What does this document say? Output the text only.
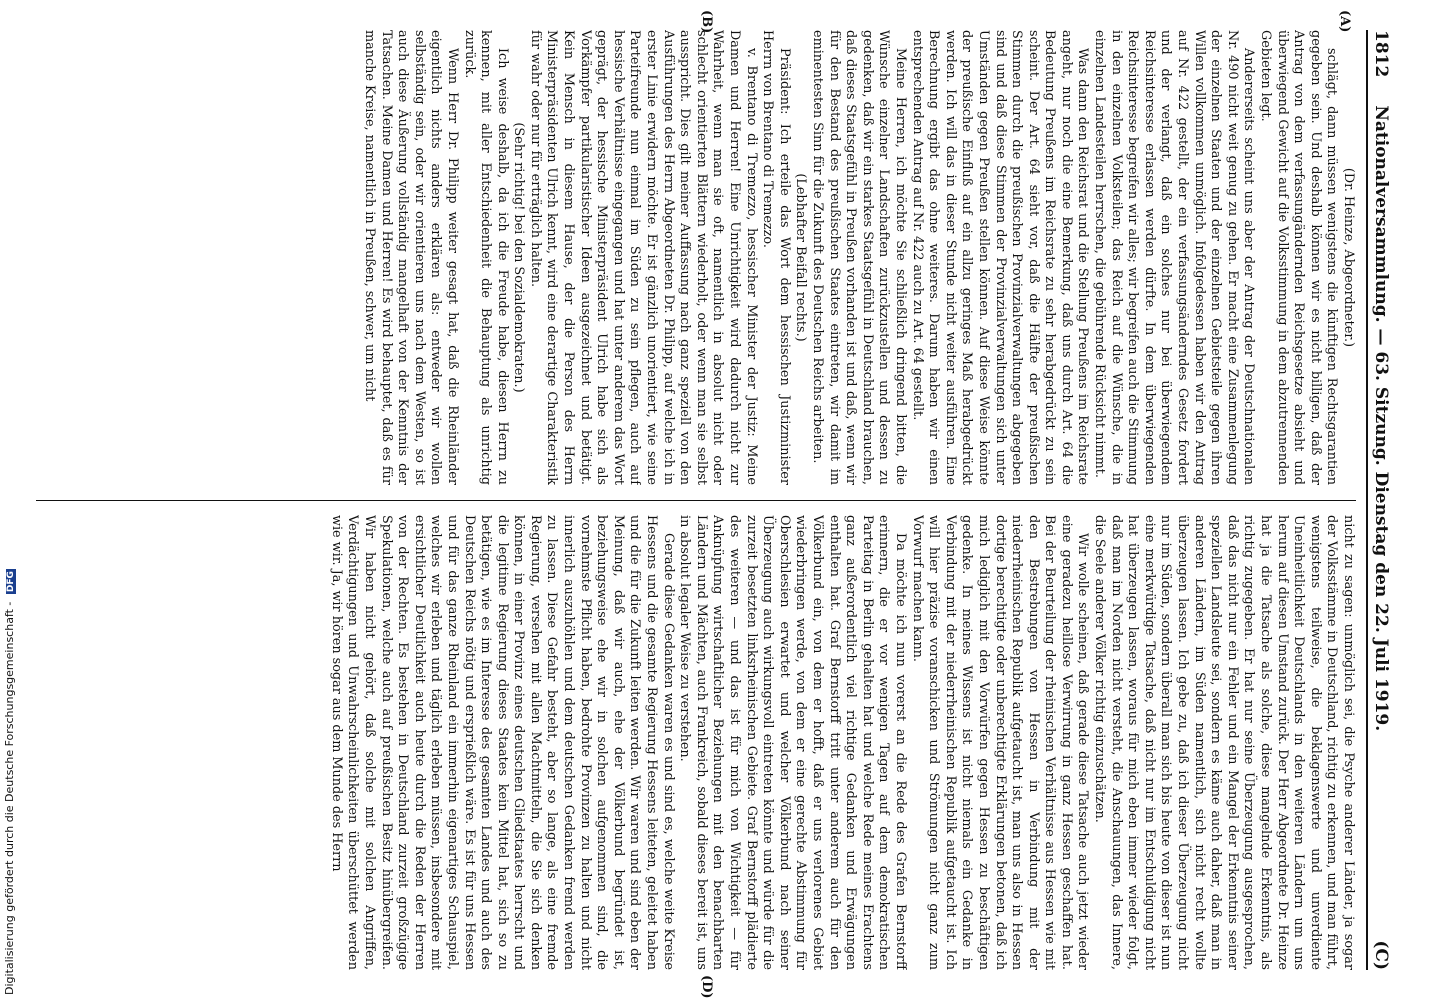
1812
Nationalversammlung. — 63. Sitzung. Dienstag den 22. Juli 1919.
(C)
(A)
(B)
(D)

(Dr. Heinze, Abgeordneter.)

schlägt, dann müssen wenigstens die künftigen Rechtsgarantien gegeben sein. Und deshalb können wir es nicht billigen, daß der Antrag von dem verfassungändernden Reichsgesetze absieht und überwiegend Gewicht auf die Volksstimmung in dem abzutrennenden Gebieten legt.

Andererseits scheint uns aber der Antrag der Deutschnationalen Nr. 490 nicht weit genug zu gehen. Er macht eine Zusammenlegung der einzelnen Staaten und der einzelnen Gebietsteile gegen ihren Willen vollkommen unmöglich. Infolgedessen haben wir den Antrag auf Nr. 422 gestellt, der ein verfassungsänderndes Gesetz fordert und der verlangt, daß ein solches nur bei überwiegendem Reichsinteresse erlassen werden dürfte. In dem überwiegenden Reichsinteresse begreifen wir alles; wir begreifen auch die Stimmung in den einzelnen Volksteilen; das Reich auf die Wünsche, die in einzelnen Landesteilen herrschen, die gebührende Rücksicht nimmt.

Was dann den Reichsrat und die Stellung Preußens im Reichsrate angeht, nur noch die eine Bemerkung, daß uns durch Art. 64 die Bedeutung Preußens im Reichsrate zu sehr herabgedrückt zu sein scheint. Der Art. 64 sieht vor, daß die Hälfte der preußischen Stimmen durch die preußischen Provinzialverwaltungen abgegeben sind und daß diese Stimmen der Provinzialverwaltungen sich unter Umständen gegen Preußen stellen können. Auf diese Weise könnte der preußische Einfluß auf ein allzu geringes Maß herabgedrückt werden. Ich will das in dieser Stunde nicht weiter ausführen. Eine Berechnung ergibt das ohne weiteres. Darum haben wir einen entsprechenden Antrag auf Nr. 422 auch zu Art. 64 gestellt.

Meine Herren, ich möchte Sie schließlich dringend bitten, die Wünsche einzelner Landschaften zurückzustellen und dessen zu gedenken, daß wir ein starkes Staatsgefühl in Deutschland brauchen, daß dieses Staatsgefühl in Preußen vorhanden ist und daß, wenn wir für den Bestand des preußischen Staates eintreten, wir damit im eminentesten Sinn für die Zukunft des Deutschen Reichs arbeiten.

(Lebhafter Beifall rechts.)

Präsident: Ich erteile das Wort dem hessischen Justizminister Herrn von Brentano di Tremezzo.

v. Brentano di Tremezzo, hessischer Minister der Justiz: Meine Damen und Herren! Eine Unrichtigkeit wird dadurch nicht zur Wahrheit, wenn man sie oft, namentlich in absolut nicht oder schlecht orientierten Blättern wiederholt, oder wenn man sie selbst ausspricht. Dies gilt meiner Auffassung nach ganz speziell von den Ausführungen des Herrn Abgeordneten Dr. Philipp, auf welche ich in erster Linie erwidern möchte. Er ist gänzlich unorientiert, wie seine Parteifreunde nun einmal im Süden zu sein pflegen, auch auf hessische Verhältnisse eingegangen und hat unter anderem das Wort geprägt, der hessische Ministerpräsident Ulrich habe sich als Vorkämpfer partikularistischer Ideen ausgezeichnet und betätigt. Kein Mensch in diesem Hause, der die Person des Herrn Ministerpräsidenten Ulrich kennt, wird eine derartige Charakteristik für wahr oder nur für erträglich halten.

(Sehr richtig! bei den Sozialdemokraten.)

Ich weise deshalb, da ich die Freude habe, diesen Herrn zu kennen, mit aller Entschiedenheit die Behauptung als unrichtig zurück.

Wenn Herr Dr. Philipp weiter gesagt hat, daß die Rheinländer eigentlich nichts anders erklären als: entweder wir wollen selbständig sein, oder wir orientieren uns nach dem Westen, so ist auch diese Äußerung vollständig mangelhaft von der Kenntnis der Tatsachen. Meine Damen und Herren! Es wird behauptet, daß es für manche Kreise, namentlich in Preußen, schwer, um nicht

nicht zu sagen: unmöglich sei, die Psyche anderer Länder, ja sogar der Volksstämme in Deutschland, richtig zu erkennen, und man führt, wenigstens teilweise, die beklagenswerte und unverdiente Uneinheitlichkeit Deutschlands in den weiteren Ländern um uns herum auf diesen Umstand zurück. Der Herr Abgeordnete Dr. Heinze hat ja die Tatsache als solche, diese mangelnde Erkenntnis, als richtig zugegeben. Er hat nur seine Überzeugung ausgesprochen, daß das nicht nur ein Fehler und ein Mangel der Erkenntnis seiner speziellen Landsleute sei, sondern es käme auch daher, daß man in anderen Ländern, im Süden namentlich, sich nicht recht wollte überzeugen lassen. Ich gebe zu, daß ich dieser Überzeugung nicht nur im Süden, sondern überall man sich bis heute von dieser ist nun eine merkwürdige Tatsache, daß nicht nur im Entschuldigung nicht hat überzeugen lassen, woraus für mich eben immer wieder folgt, daß man im Norden nicht versteht, die Anschauungen, das Innere, die Seele anderer Völker richtig einzuschätzen.

Wir wolle scheinen, daß gerade diese Tatsache auch jetzt wieder eine geradezu heillose Verwirrung in ganz Hessen geschaffen hat. Bei der Beurteilung der rheinischen Verhältnisse aus Hessen wie mit den Bestrebungen von Hessen in Verbindung mit der niederrheinischen Republik aufgetaucht ist, man uns also in Hessen dortige berechtigte oder unberechtigte Erklärungen betonen, daß ich mich lediglich mit den Vorwürfen gegen Hessen zu beschäftigen gedenke. In meines Wissens ist nicht niemals ein Gedanke in Verbindung mit der niederrheinischen Republik aufgetaucht ist. Ich will hier präzise voranschicken und Strömungen nicht ganz zum Vorwurf machen kann.

Da möchte ich nun vorerst an die Rede des Grafen Bernstorff erinnern, die er vor wenigen Tagen auf dem demokratischen Parteitag in Berlin gehalten hat und welche Rede meines Erachtens ganz außerordentlich viel richtige Gedanken und Erwägungen enthalten hat. Graf Bernstorff tritt unter anderem auch für den Völkerbund ein, von dem er hofft, daß er uns verlorenes Gebiet wiederbringen werde, von dem er eine gerechte Abstimmung für Oberschlesien erwartet und welcher Völkerbund nach seiner Überzeugung auch wirkungsvoll eintreten könnte und würde für die zurzeit besetzten linksrheinischen Gebiete. Graf Bernstorff plädierte des weiteren — und das ist für mich von Wichtigkeit — für Anknüpfung wirtschaftlicher Beziehungen mit den benachbarten Ländern und Mächten, auch Frankreich, sobald dieses bereit ist, uns in absolut legaler Weise zu verstehen.

Gerade diese Gedanken waren es und sind es, welche weite Kreise Hessens und die gesamte Regierung Hessens leiteten, geleitet haben und die für die Zukunft leiten werden. Wir waren und sind eben der Meinung, daß wir auch, ehe der Völkerbund begründet ist, beziehungsweise ehe wir in solchen aufgenommen sind, die vornehmste Pflicht haben, bedrohte Provinzen zu halten und nicht innerlich auszuhöhlen und dem deutschen Gedanken fremd werden zu lassen. Diese Gefahr besteht, aber so lange, als eine fremde Regierung, versehen mit allen Machtmitteln, die Sie sich denken können, in einer Provinz eines deutschen Gliedstaates herrscht und die legitime Regierung dieses Staates kein Mittel hat, sich so zu betätigen, wie es im Interesse des gesamten Landes und auch des Deutschen Reichs nötig und ersprießlich wäre. Es ist für uns Hessen und für das ganze Rheinland ein immerhin eigenartiges Schauspiel, welches wir erleben und täglich erleben müssen, insbesondere mit ersichtlicher Deutlichkeit auch heute durch die Reden der Herren von der Rechten. Es bestehen in Deutschland zurzeit großzügige Spekulationen, welche auch auf preußischen Besitz hinübergreifen. Wir haben nicht gehört, daß solche mit solchen Angriffen, Verdächtigungen und Unwahrscheinlichkeiten überschüttet werden wie wir. Ja, wir hören sogar aus dem Munde des Herrn

Digitalisierung gefördert durch die Deutsche Forschungsgemeinschaft - DFG
